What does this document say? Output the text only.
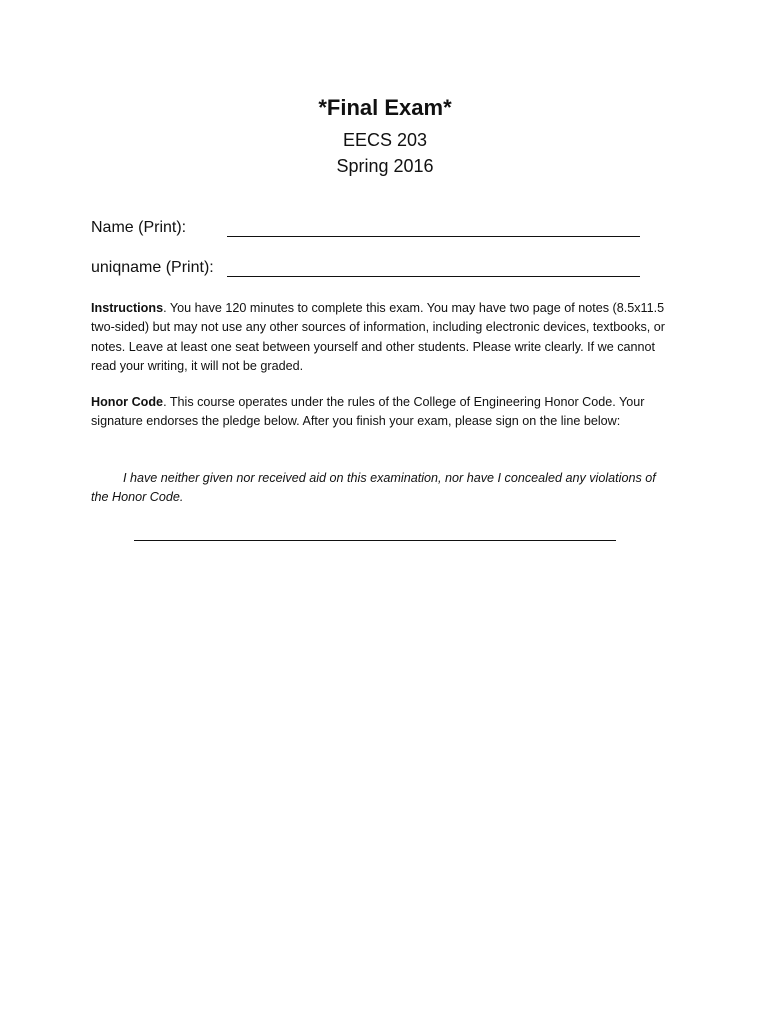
*Final Exam*
EECS 203
Spring 2016
Name (Print):
uniqname (Print):
Instructions. You have 120 minutes to complete this exam. You may have two page of notes (8.5x11.5 two-sided) but may not use any other sources of information, including electronic devices, textbooks, or notes. Leave at least one seat between yourself and other students. Please write clearly. If we cannot read your writing, it will not be graded.
Honor Code. This course operates under the rules of the College of Engineering Honor Code. Your signature endorses the pledge below. After you finish your exam, please sign on the line below:
I have neither given nor received aid on this examination, nor have I concealed any violations of the Honor Code.
